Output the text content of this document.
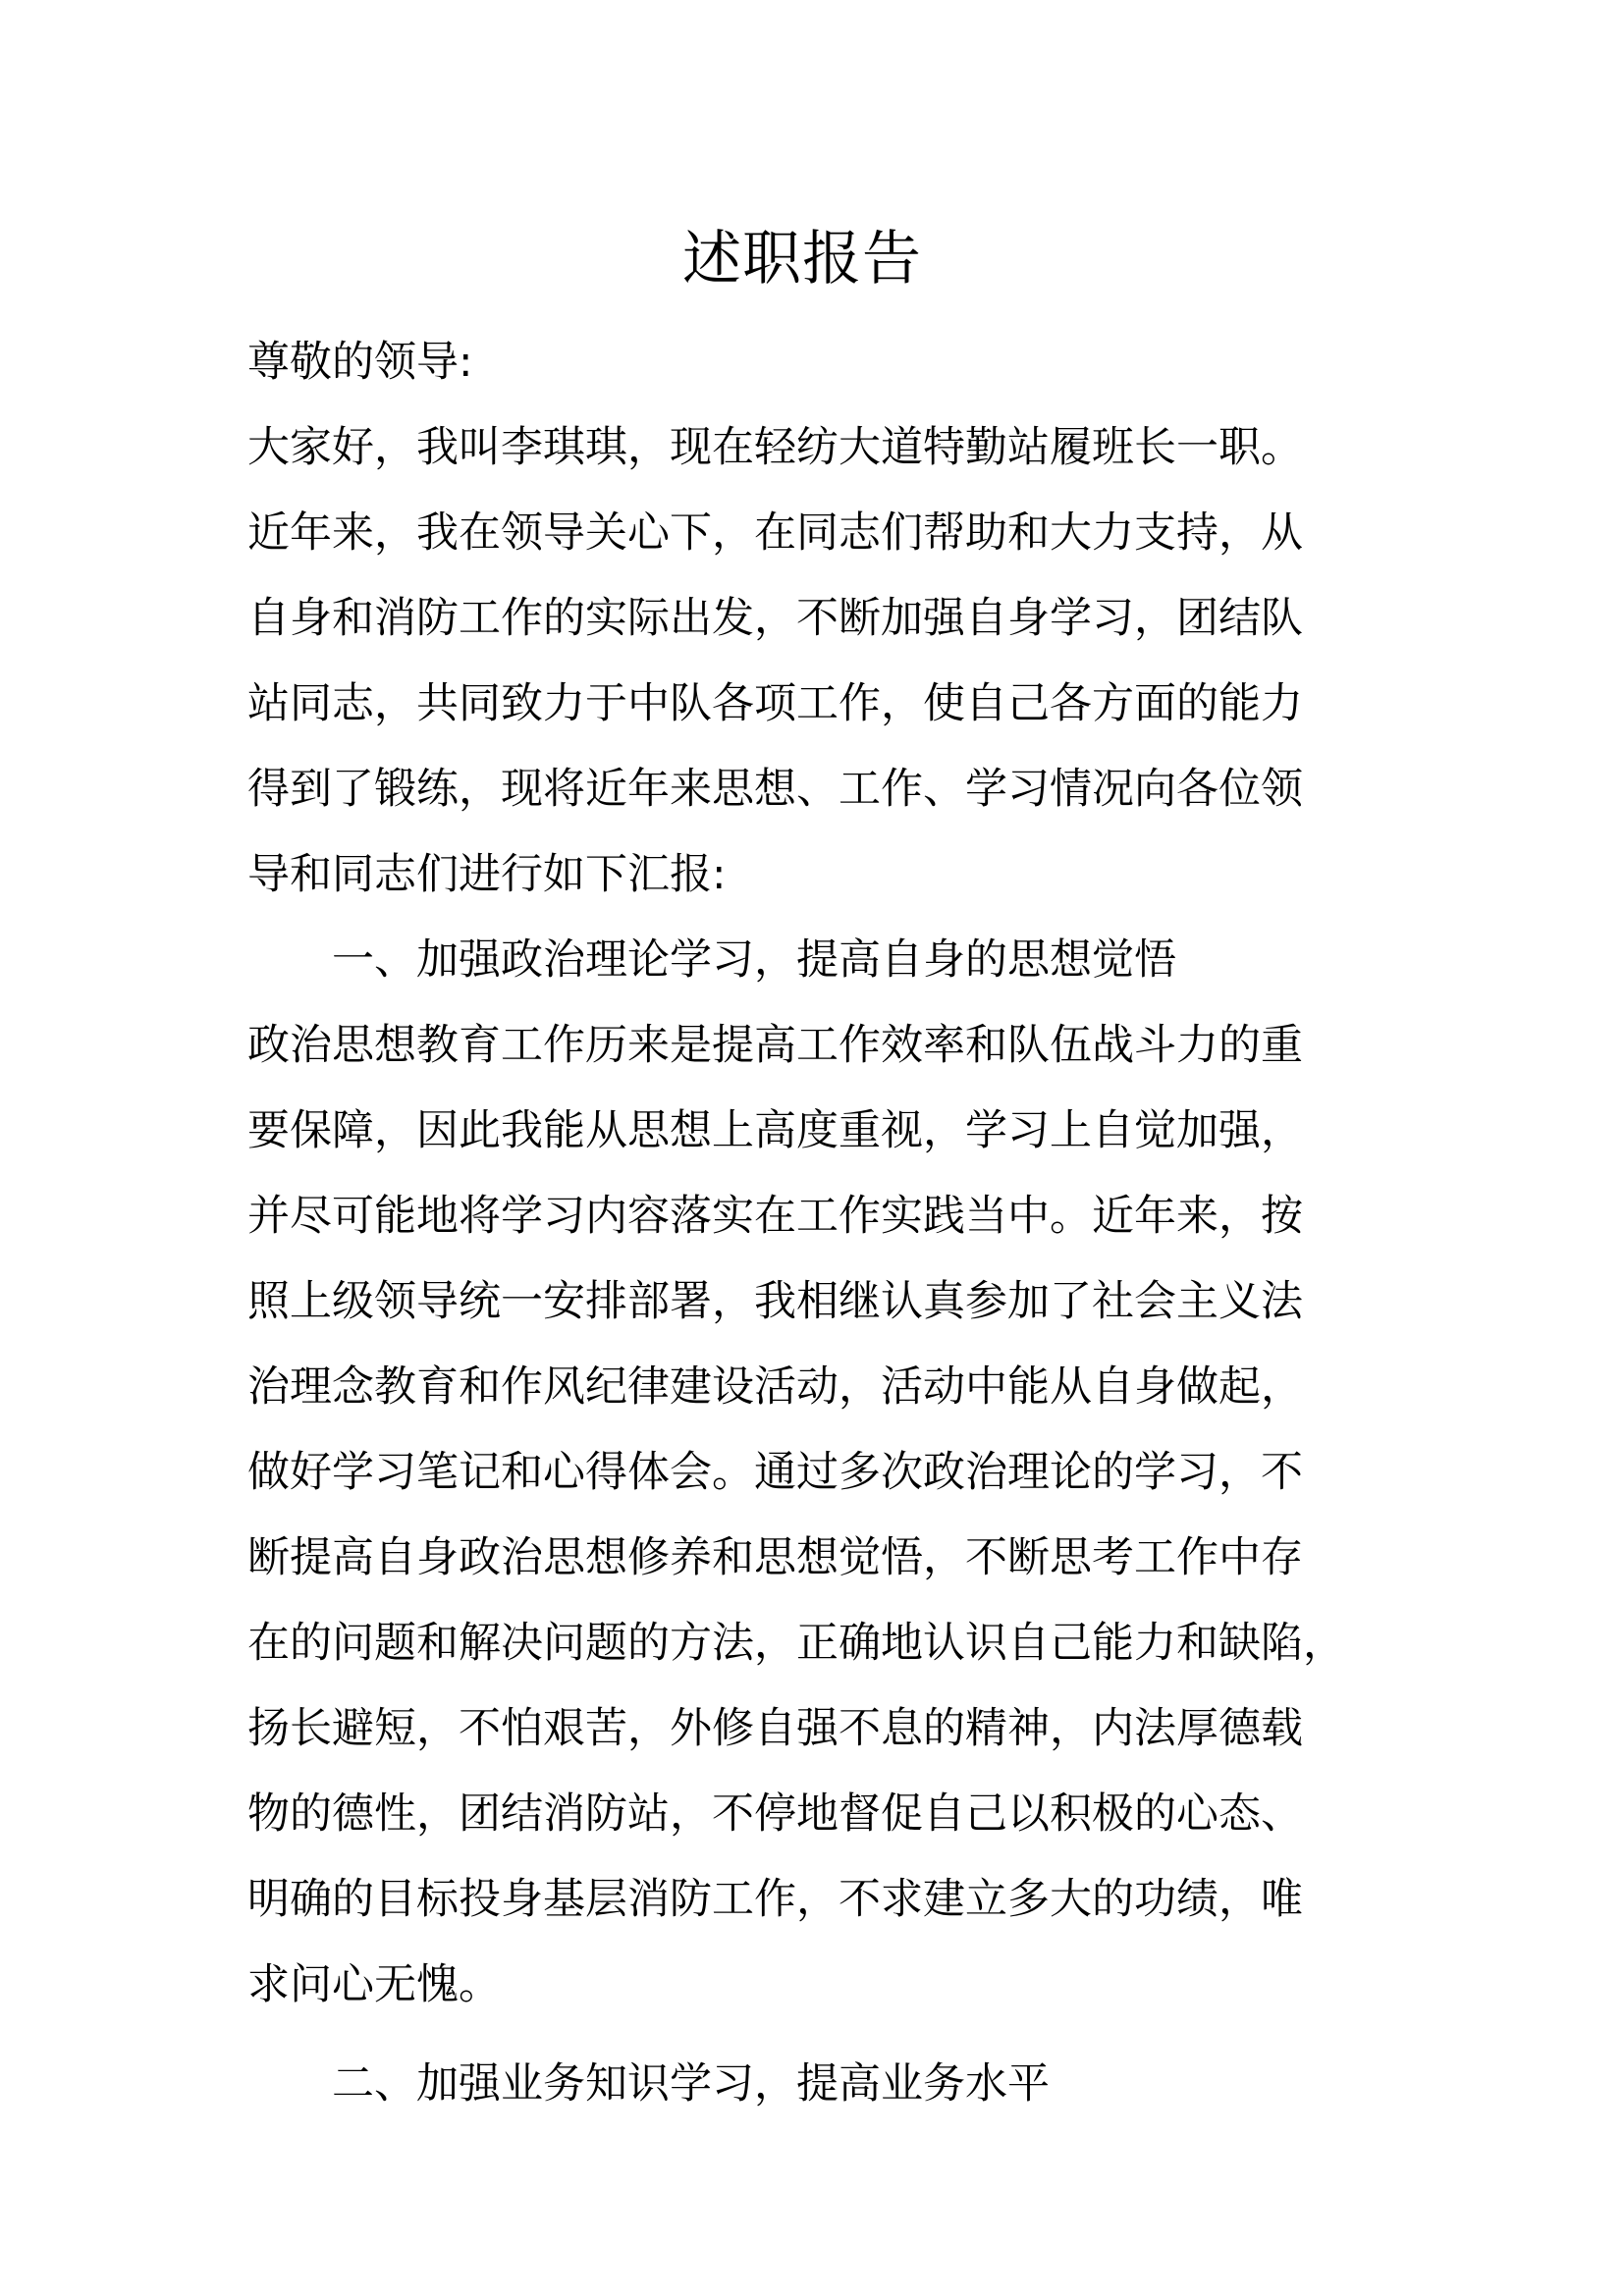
述职报告
尊敬的领导:
大家好，我叫李琪琪，现在轻纺大道特勤站履班长一职。
近年来，我在领导关心下，在同志们帮助和大力支持，从
自身和消防工作的实际出发，不断加强自身学习，团结队
站同志，共同致力于中队各项工作，使自己各方面的能力
得到了锻练，现将近年来思想、工作、学习情况向各位领
导和同志们进行如下汇报:
一、加强政治理论学习，提高自身的思想觉悟
政治思想教育工作历来是提高工作效率和队伍战斗力的重
要保障，因此我能从思想上高度重视，学习上自觉加强，
并尽可能地将学习内容落实在工作实践当中。近年来，按
照上级领导统一安排部署，我相继认真参加了社会主义法
治理念教育和作风纪律建设活动，活动中能从自身做起，
做好学习笔记和心得体会。通过多次政治理论的学习，不
断提高自身政治思想修养和思想觉悟，不断思考工作中存
在的问题和解决问题的方法，正确地认识自己能力和缺陷，
扬长避短，不怕艰苦，外修自强不息的精神，内法厚德载
物的德性，团结消防站，不停地督促自己以积极的心态、
明确的目标投身基层消防工作，不求建立多大的功绩，唯
求问心无愧。
二、加强业务知识学习，提高业务水平
